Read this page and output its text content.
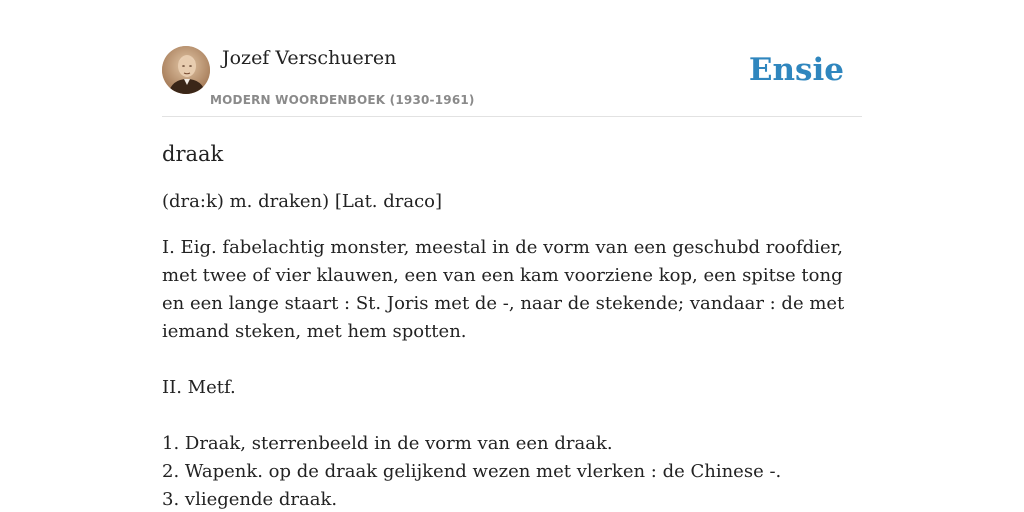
Jozef Verschueren
MODERN WOORDENBOEK (1930-1961)
Ensie
draak

(dra:k) m. draken) [Lat. draco]

I. Eig. fabelachtig monster, meestal in de vorm van een geschubd roofdier, met twee of vier klauwen, een van een kam voorziene kop, een spitse tong en een lange staart : St. Joris met de -, naar de stekende; vandaar : de met iemand steken, met hem spotten.

II. Metf.

1. Draak, sterrenbeeld in de vorm van een draak.

2. Wapenk. op de draak gelijkend wezen met vlerken : de Chinese -.

3. vliegende draak.
